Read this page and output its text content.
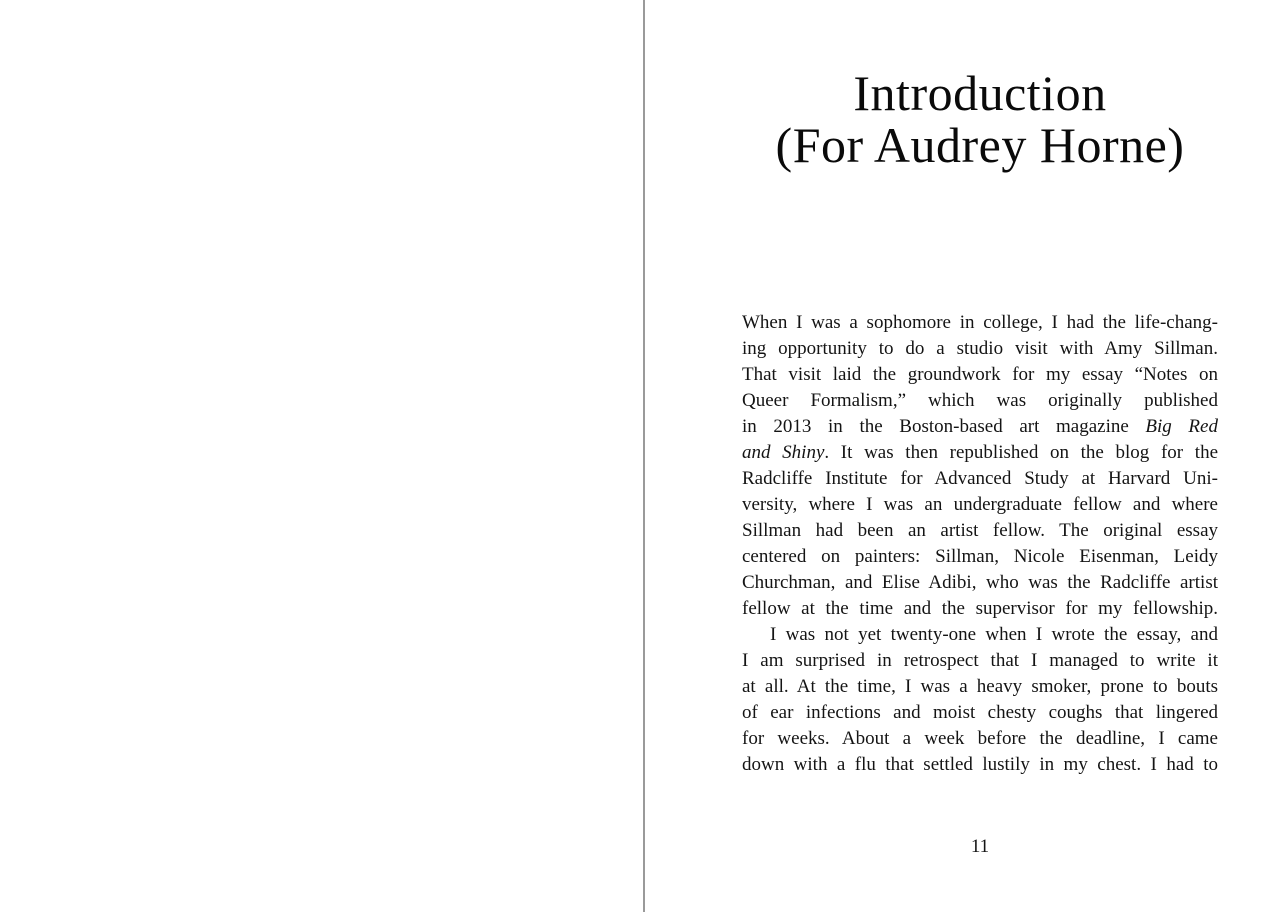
Introduction
(For Audrey Horne)
When I was a sophomore in college, I had the life-chang-
ing opportunity to do a studio visit with Amy Sillman.
That visit laid the groundwork for my essay “Notes on
Queer Formalism,” which was originally published
in 2013 in the Boston-based art magazine Big Red
and Shiny. It was then republished on the blog for the
Radcliffe Institute for Advanced Study at Harvard Uni-
versity, where I was an undergraduate fellow and where
Sillman had been an artist fellow. The original essay
centered on painters: Sillman, Nicole Eisenman, Leidy
Churchman, and Elise Adibi, who was the Radcliffe artist
fellow at the time and the supervisor for my fellowship.
I was not yet twenty-one when I wrote the essay, and
I am surprised in retrospect that I managed to write it
at all. At the time, I was a heavy smoker, prone to bouts
of ear infections and moist chesty coughs that lingered
for weeks. About a week before the deadline, I came
down with a flu that settled lustily in my chest. I had to
11
